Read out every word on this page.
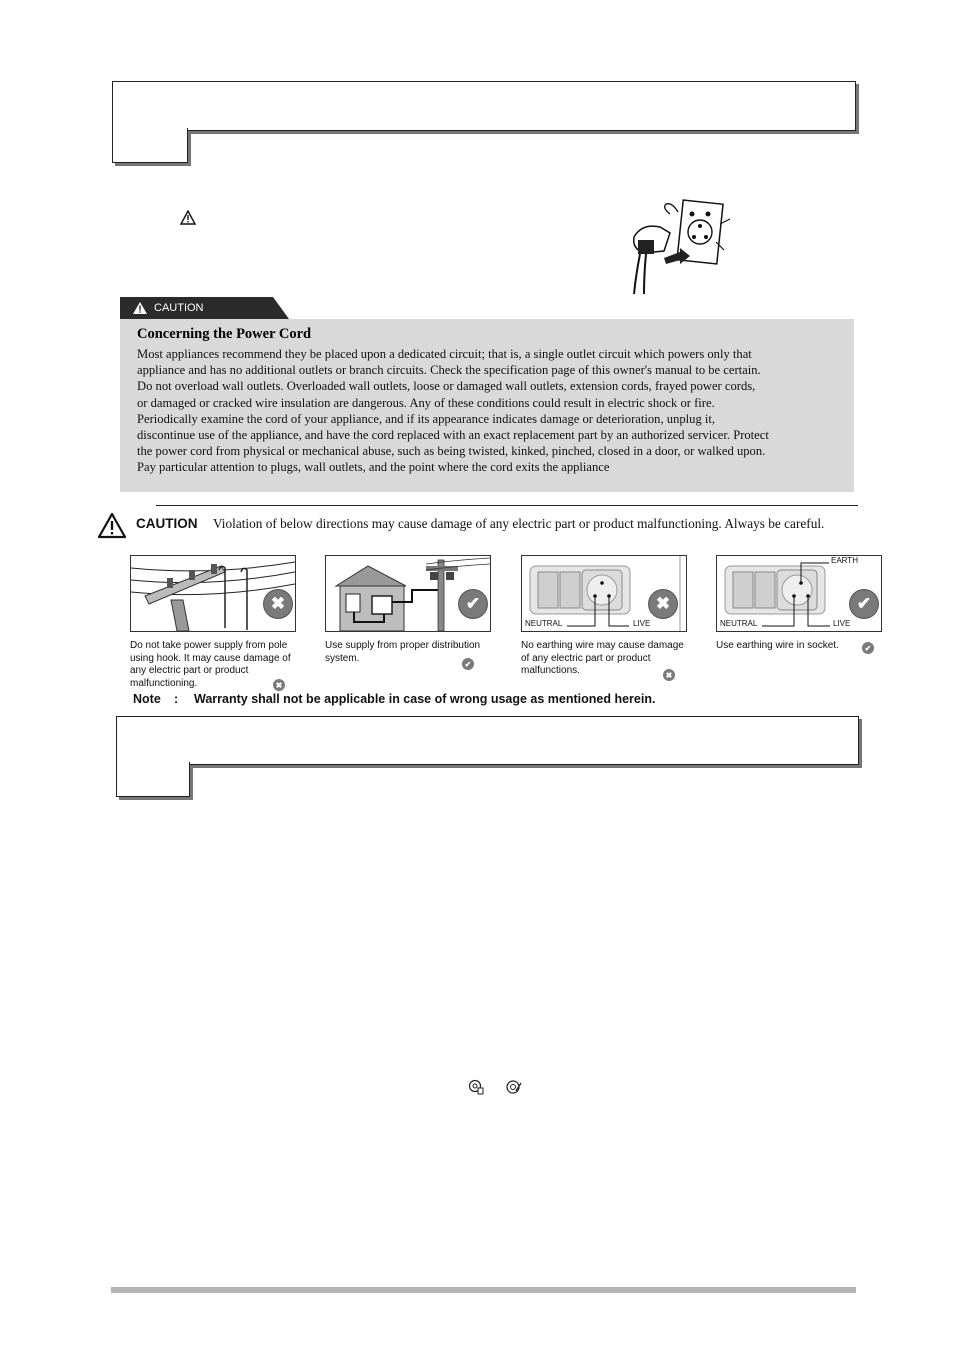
CAUTION
Concerning the Power Cord
Most appliances recommend they be placed upon a dedicated circuit; that is, a single outlet circuit which powers only that
appliance and has no additional outlets or branch circuits. Check the specification page of this owner's manual to be certain.
Do not overload wall outlets. Overloaded wall outlets, loose or damaged wall outlets, extension cords, frayed power cords,
or damaged or cracked wire insulation are dangerous. Any of these conditions could result in electric shock or fire.
Periodically examine the cord of your appliance, and if its appearance indicates damage or deterioration, unplug it,
discontinue use of the appliance, and have the cord replaced with an exact replacement part by an authorized servicer. Protect
the power cord from physical or mechanical abuse, such as being twisted, kinked, pinched, closed in a door, or walked upon.
Pay particular attention to plugs, wall outlets, and the point where the cord exits the appliance
CAUTION Violation of below directions may cause damage of any electric part or product malfunctioning. Always be careful.
✖
Do not take power supply from pole using hook. It may cause damage of any electric part or product malfunctioning.	✖
✔
Use supply from proper distribution system.
✔
NEUTRAL	LIVE
✖
No earthing wire may cause damage of any electric part or product malfunctions.	✖
EARTH
NEUTRAL	LIVE
✔
Use earthing wire in socket.	✔
Note : Warranty shall not be applicable in case of wrong usage as mentioned herein.
